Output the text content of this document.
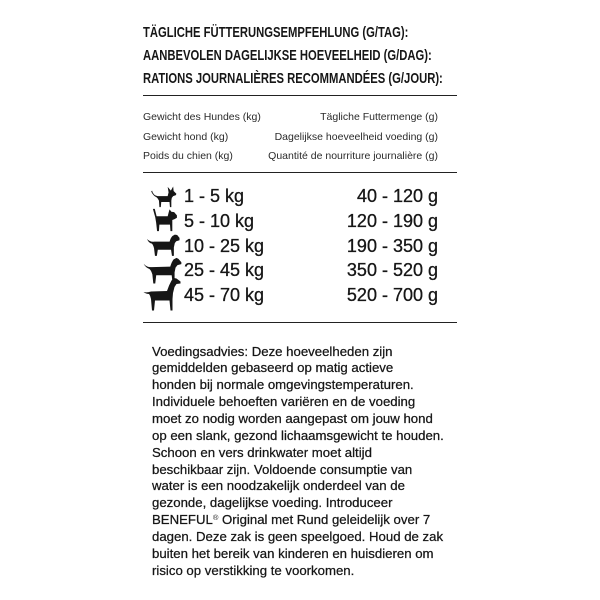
TÄGLICHE FÜTTERUNGSEMPFEHLUNG (G/TAG):
AANBEVOLEN DAGELIJKSE HOEVEELHEID (G/DAG):
RATIONS JOURNALIÈRES RECOMMANDÉES (G/JOUR):
Gewicht des Hundes (kg)	Tägliche Futtermenge (g)
Gewicht hond (kg)	Dagelijkse hoeveelheid voeding (g)
Poids du chien (kg)	Quantité de nourriture journalière (g)
1 - 5 kg	40 - 120 g
5 - 10 kg	120 - 190 g
10 - 25 kg	190 - 350 g
25 - 45 kg	350 - 520 g
45 - 70 kg	520 - 700 g
Voedingsadvies: Deze hoeveelheden zijn
gemiddelden gebaseerd op matig actieve
honden bij normale omgevingstemperaturen.
Individuele behoeften variëren en de voeding
moet zo nodig worden aangepast om jouw hond
op een slank, gezond lichaamsgewicht te houden.
Schoon en vers drinkwater moet altijd
beschikbaar zijn. Voldoende consumptie van
water is een noodzakelijk onderdeel van de
gezonde, dagelijkse voeding. Introduceer
BENEFUL® Original met Rund geleidelijk over 7
dagen. Deze zak is geen speelgoed. Houd de zak
buiten het bereik van kinderen en huisdieren om
risico op verstikking te voorkomen.
